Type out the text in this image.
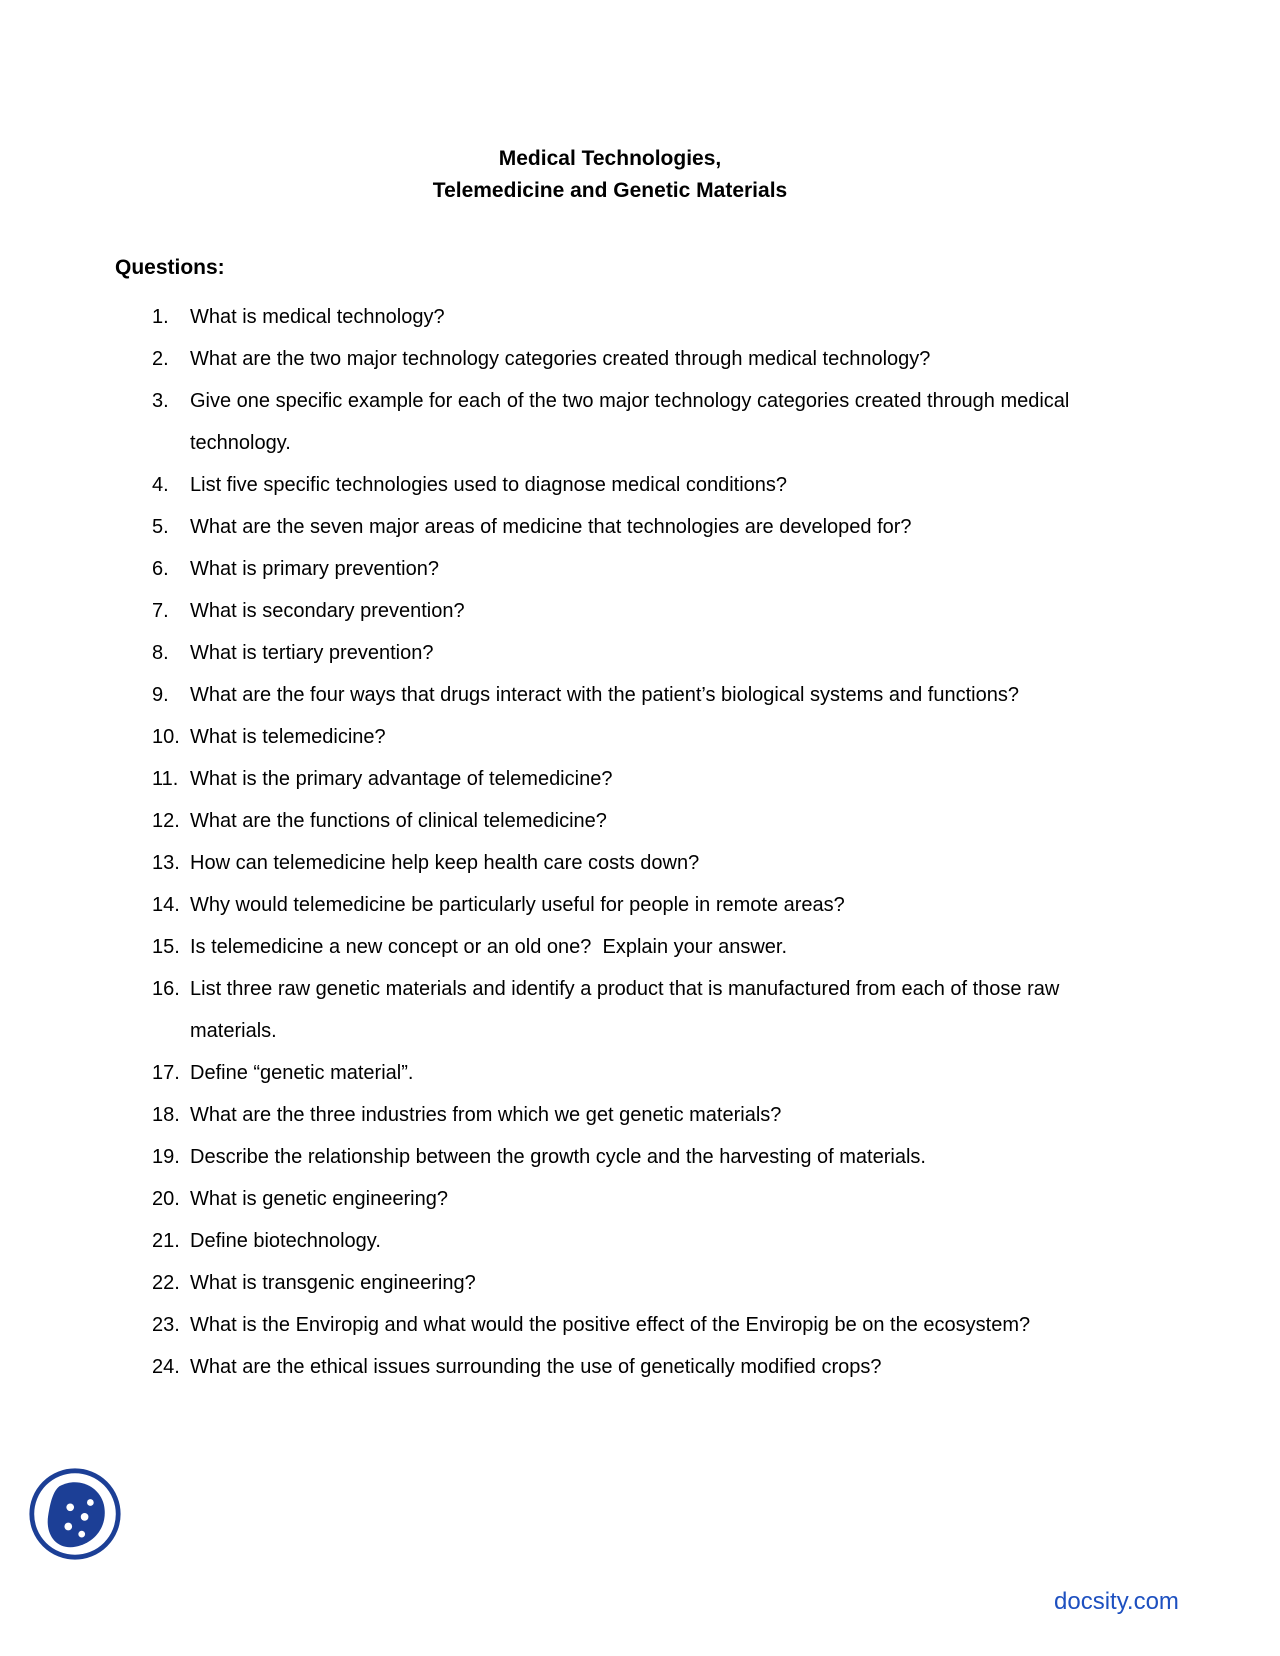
Medical Technologies,
Telemedicine and Genetic Materials
Questions:
1.	What is medical technology?
2.	What are the two major technology categories created through medical technology?
3.	Give one specific example for each of the two major technology categories created through medical technology.
4.	List five specific technologies used to diagnose medical conditions?
5.	What are the seven major areas of medicine that technologies are developed for?
6.	What is primary prevention?
7.	What is secondary prevention?
8.	What is tertiary prevention?
9.	What are the four ways that drugs interact with the patient’s biological systems and functions?
10. What is telemedicine?
11. What is the primary advantage of telemedicine?
12. What are the functions of clinical telemedicine?
13. How can telemedicine help keep health care costs down?
14. Why would telemedicine be particularly useful for people in remote areas?
15. Is telemedicine a new concept or an old one?  Explain your answer.
16. List three raw genetic materials and identify a product that is manufactured from each of those raw materials.
17. Define “genetic material”.
18. What are the three industries from which we get genetic materials?
19. Describe the relationship between the growth cycle and the harvesting of materials.
20. What is genetic engineering?
21. Define biotechnology.
22. What is transgenic engineering?
23. What is the Enviropig and what would the positive effect of the Enviropig be on the ecosystem?
24. What are the ethical issues surrounding the use of genetically modified crops?
docsity.com
